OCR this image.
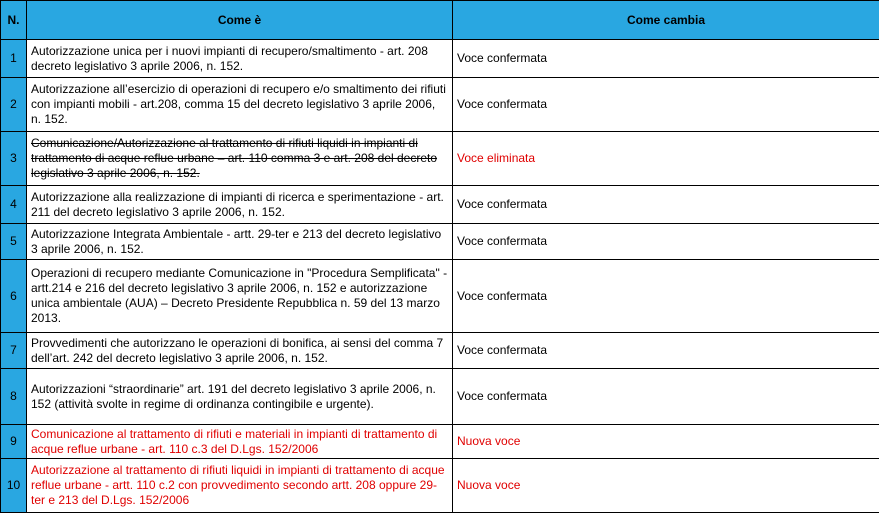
N.	Come è	Come cambia
1	Autorizzazione unica per i nuovi impianti di recupero/smaltimento - art. 208 decreto legislativo 3 aprile 2006, n. 152.	Voce confermata
2	Autorizzazione all’esercizio di operazioni di recupero e/o smaltimento dei rifiuti con impianti mobili - art.208, comma 15 del decreto legislativo 3 aprile 2006, n. 152.	Voce confermata
3	Comunicazione/Autorizzazione al trattamento di rifiuti liquidi in impianti di trattamento di acque reflue urbane – art. 110 comma 3 e art. 208 del decreto legislativo 3 aprile 2006, n. 152.	Voce eliminata
4	Autorizzazione alla realizzazione di impianti di ricerca e sperimentazione - art. 211 del decreto legislativo 3 aprile 2006, n. 152.	Voce confermata
5	Autorizzazione Integrata Ambientale - artt. 29-ter e 213 del decreto legislativo 3 aprile 2006, n. 152.	Voce confermata
6	Operazioni di recupero mediante Comunicazione in "Procedura Semplificata" - artt.214 e 216 del decreto legislativo 3 aprile 2006, n. 152 e autorizzazione unica ambientale (AUA) – Decreto Presidente Repubblica n. 59 del 13 marzo 2013.	Voce confermata
7	Provvedimenti che autorizzano le operazioni di bonifica, ai sensi del comma 7 dell’art. 242 del decreto legislativo 3 aprile 2006, n. 152.	Voce confermata
8	Autorizzazioni “straordinarie” art. 191 del decreto legislativo 3 aprile 2006, n. 152 (attività svolte in regime di ordinanza contingibile e urgente).	Voce confermata
9	Comunicazione al trattamento di rifiuti e materiali in impianti di trattamento di acque reflue urbane - art. 110 c.3 del D.Lgs. 152/2006	Nuova voce
10	Autorizzazione al trattamento di rifiuti liquidi in impianti di trattamento di acque reflue urbane - artt. 110 c.2 con provvedimento secondo artt. 208 oppure 29-ter e 213 del D.Lgs. 152/2006	Nuova voce
